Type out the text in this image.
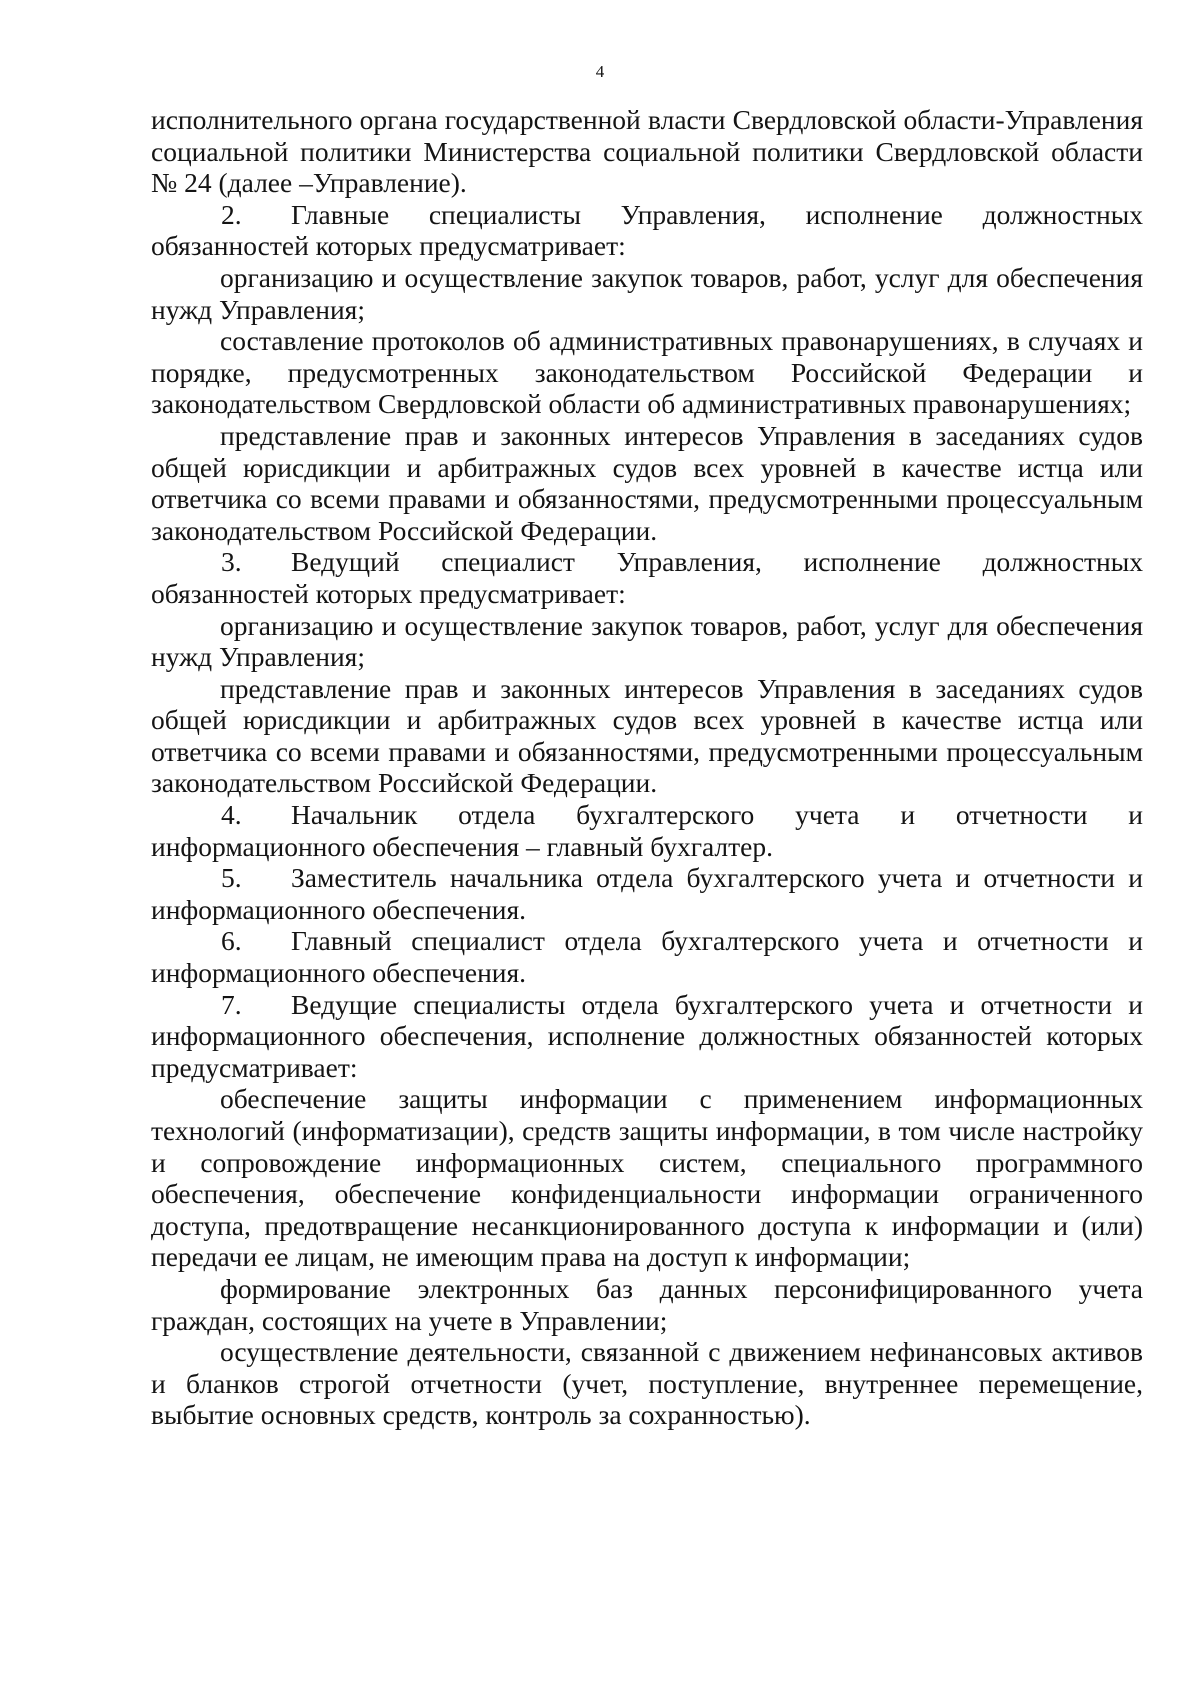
4

исполнительного органа государственной власти Свердловской области-Управления социальной политики Министерства социальной политики Свердловской области № 24 (далее –Управление).

2. Главные специалисты Управления, исполнение должностных обязанностей которых предусматривает:

организацию и осуществление закупок товаров, работ, услуг для обеспечения нужд Управления;

составление протоколов об административных правонарушениях, в случаях и порядке, предусмотренных законодательством Российской Федерации и законодательством Свердловской области об административных правонарушениях;

представление прав и законных интересов Управления в заседаниях судов общей юрисдикции и арбитражных судов всех уровней в качестве истца или ответчика со всеми правами и обязанностями, предусмотренными процессуальным законодательством Российской Федерации.

3. Ведущий специалист Управления, исполнение должностных обязанностей которых предусматривает:

организацию и осуществление закупок товаров, работ, услуг для обеспечения нужд Управления;

представление прав и законных интересов Управления в заседаниях судов общей юрисдикции и арбитражных судов всех уровней в качестве истца или ответчика со всеми правами и обязанностями, предусмотренными процессуальным законодательством Российской Федерации.

4. Начальник отдела бухгалтерского учета и отчетности и информационного обеспечения – главный бухгалтер.

5. Заместитель начальника отдела бухгалтерского учета и отчетности и информационного обеспечения.

6. Главный специалист отдела бухгалтерского учета и отчетности и информационного обеспечения.

7. Ведущие специалисты отдела бухгалтерского учета и отчетности и информационного обеспечения, исполнение должностных обязанностей которых предусматривает:

обеспечение защиты информации с применением информационных технологий (информатизации), средств защиты информации, в том числе настройку и сопровождение информационных систем, специального программного обеспечения, обеспечение конфиденциальности информации ограниченного доступа, предотвращение несанкционированного доступа к информации и (или) передачи ее лицам, не имеющим права на доступ к информации;

формирование электронных баз данных персонифицированного учета граждан, состоящих на учете в Управлении;

осуществление деятельности, связанной с движением нефинансовых активов и бланков строгой отчетности (учет, поступление, внутреннее перемещение, выбытие основных средств, контроль за сохранностью).
